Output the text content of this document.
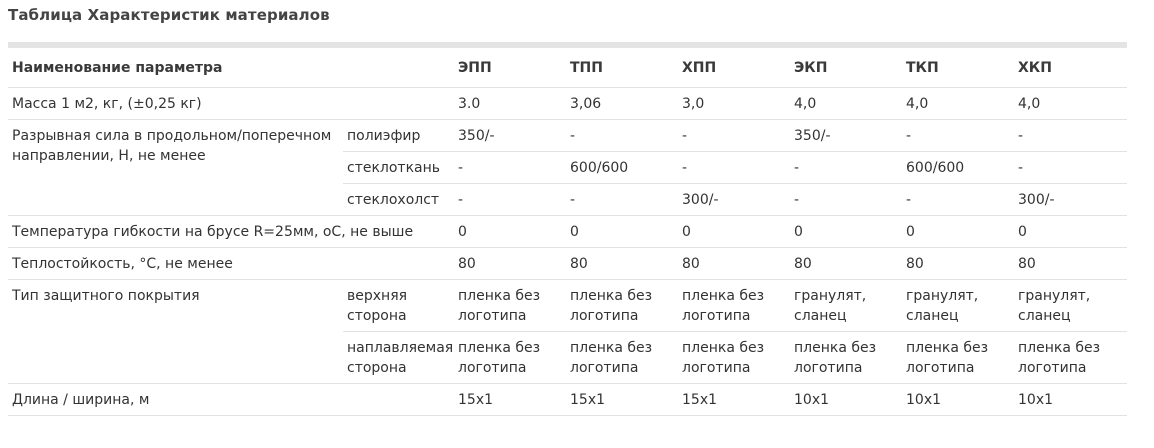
Таблица Характеристик материалов
Наименование параметра		ЭПП	ТПП	ХПП	ЭКП	ТКП	ХКП
Масса 1 м2, кг, (±0,25 кг)		3.0	3,06	3,0	4,0	4,0	4,0
Разрывная сила в продольном/поперечном направлении, Н, не менее	полиэфир	350/-	-	-	350/-	-	-
	стеклоткань	-	600/600	-	-	600/600	-
	стеклохолст	-	-	300/-	-	-	300/-
Температура гибкости на брусе R=25мм, оС, не выше		0	0	0	0	0	0
Теплостойкость, °С, не менее		80	80	80	80	80	80
Тип защитного покрытия	верхняя сторона	пленка без логотипа	пленка без логотипа	пленка без логотипа	гранулят, сланец	гранулят, сланец	гранулят, сланец
	наплавляемая сторона	пленка без логотипа	пленка без логотипа	пленка без логотипа	пленка без логотипа	пленка без логотипа	пленка без логотипа
Длина / ширина, м		15x1	15x1	15x1	10x1	10x1	10x1
